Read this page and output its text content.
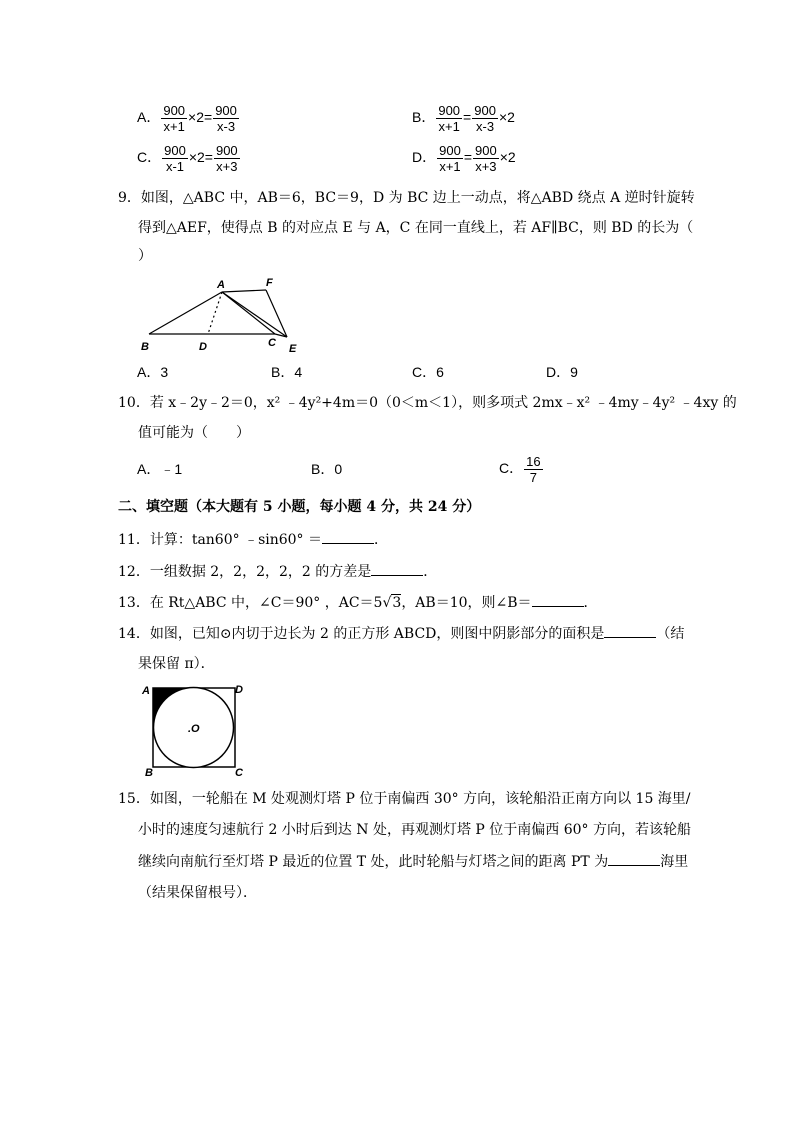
A． $\frac{900}{x+1} \times 2= \frac{900}{x-3}$	B． $\frac{900}{x+1} = \frac{900}{x-3} \times 2$
C． $\frac{900}{x-1} \times 2= \frac{900}{x+3}$	D． $\frac{900}{x+1} = \frac{900}{x+3} \times 2$
9．如图，△ABC 中，AB＝6，BC＝9，D 为 BC 边上一动点，将△ABD 绕点 A 逆时针旋转
得到△AEF，使得点 B 的对应点 E 与 A，C 在同一直线上，若 AF∥BC，则 BD 的长为（
）
A	F
B	D	C E
A．3	B．4	C．6	D．9
10．若 x﹣2y﹣2＝0，x² ﹣4y²+4m＝0（0＜m＜1），则多项式 2mx﹣x² ﹣4my﹣4y² ﹣4xy 的
值可能为（　　）
A．﹣1	B．0	C． $\frac{16}{7}$
二、填空题（本大题有 5 小题，每小题 4 分，共 24 分）
11．计算：tan60° ﹣sin60° ＝	．
12．一组数据 2，2，2，2，2 的方差是	．
13．在 Rt△ABC 中，∠C＝90° ，AC＝5√3，AB＝10，则∠B＝	．
14．如图，已知⊙内切于边长为 2 的正方形 ABCD，则图中阴影部分的面积是	（结
果保留 π）．
A	D
.O
B	C
15．如图，一轮船在 M 处观测灯塔 P 位于南偏西 30° 方向，该轮船沿正南方向以 15 海里/
小时的速度匀速航行 2 小时后到达 N 处，再观测灯塔 P 位于南偏西 60° 方向，若该轮船
继续向南航行至灯塔 P 最近的位置 T 处，此时轮船与灯塔之间的距离 PT 为	海里
（结果保留根号）．
